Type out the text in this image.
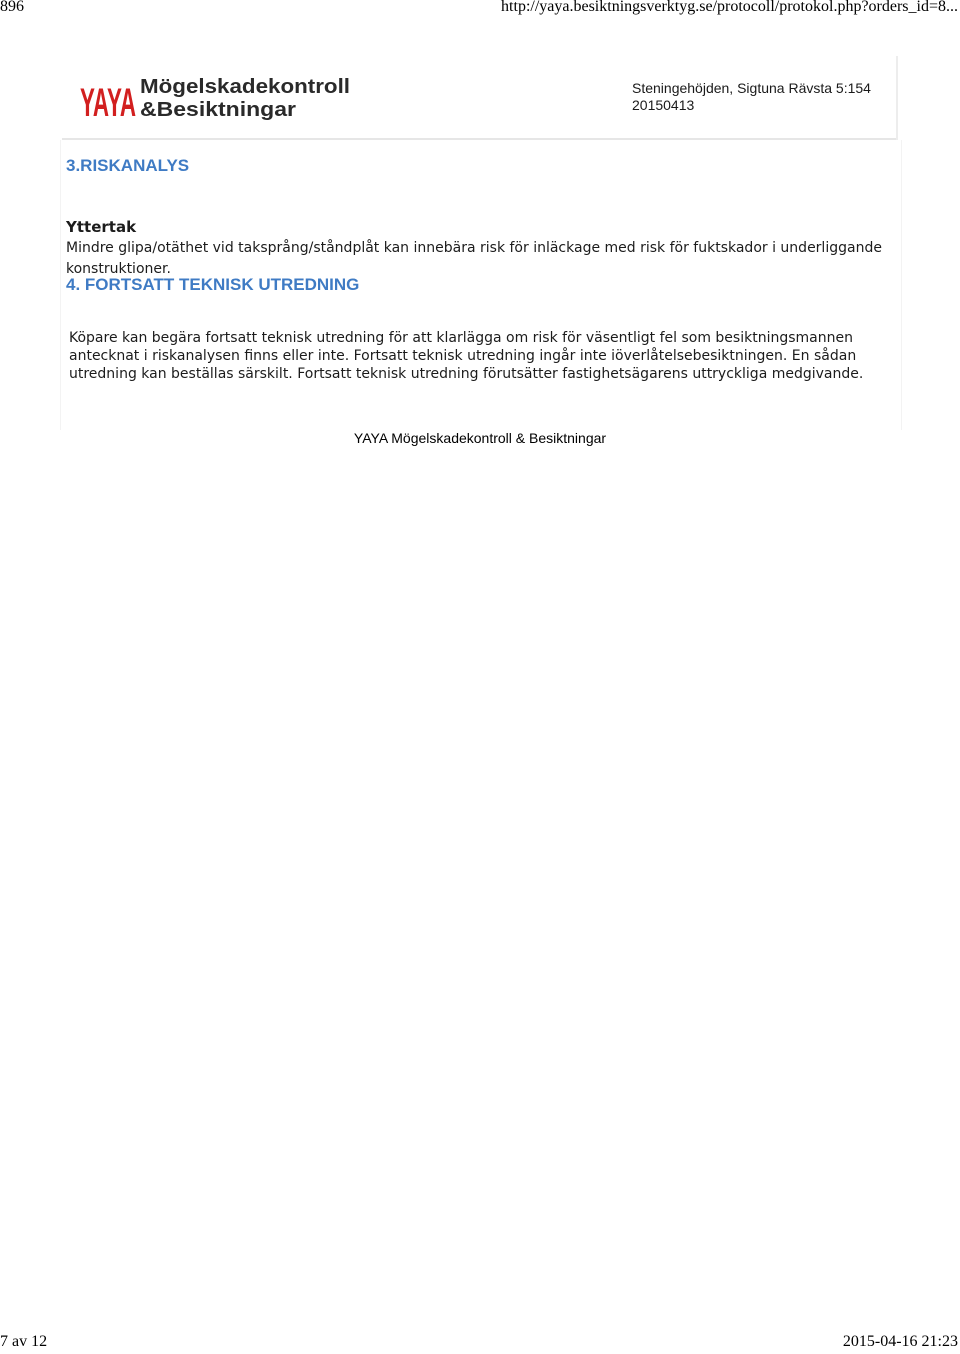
896	http://yaya.besiktningsverktyg.se/protocoll/protokol.php?orders_id=8...
YAYA Mögelskadekontroll
&Besiktningar
Steningehöjden, Sigtuna Rävsta 5:154
20150413
3.RISKANALYS
Yttertak
Mindre glipa/otäthet vid taksprång/ståndplåt kan innebära risk för inläckage med risk för fuktskador i underliggande konstruktioner.
4. FORTSATT TEKNISK UTREDNING
Köpare kan begära fortsatt teknisk utredning för att klarlägga om risk för väsentligt fel som besiktningsmannen antecknat i riskanalysen finns eller inte. Fortsatt teknisk utredning ingår inte iöverlåtelsebesiktningen. En sådan utredning kan beställas särskilt. Fortsatt teknisk utredning förutsätter fastighetsägarens uttryckliga medgivande.
YAYA Mögelskadekontroll & Besiktningar
7 av 12	2015-04-16 21:23
